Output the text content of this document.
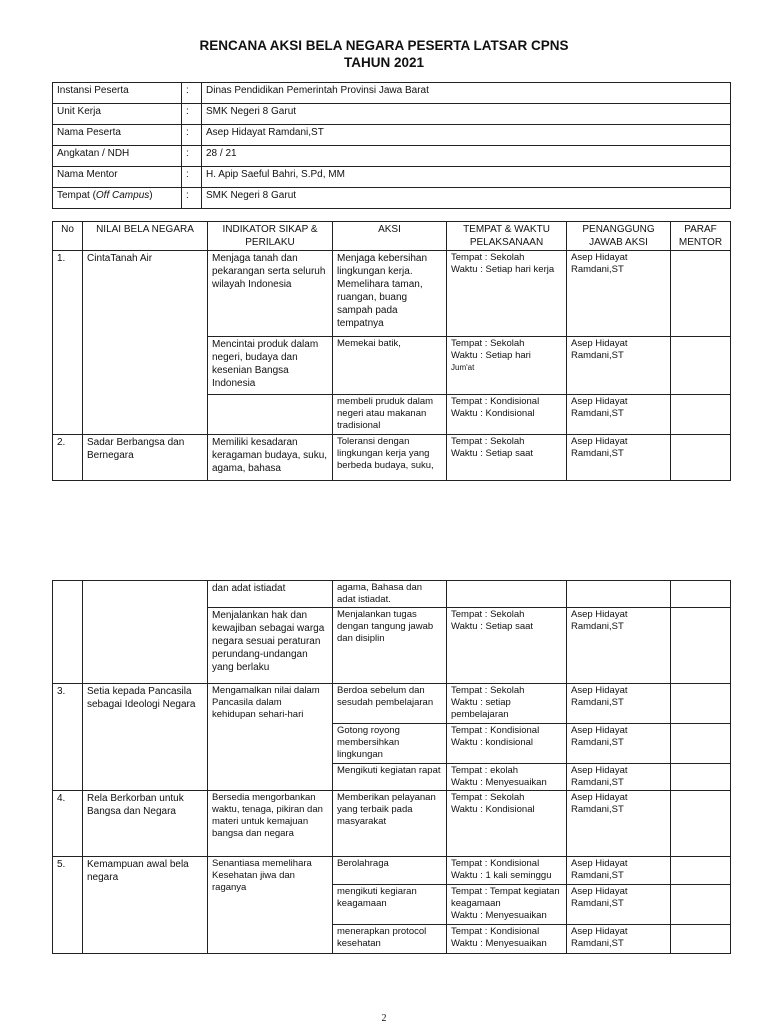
RENCANA AKSI BELA NEGARA PESERTA LATSAR CPNS
TAHUN 2021
Instansi Peserta	:	Dinas Pendidikan Pemerintah Provinsi Jawa Barat
Unit Kerja	:	SMK Negeri 8 Garut
Nama Peserta	:	Asep Hidayat Ramdani,ST
Angkatan / NDH	:	28 / 21
Nama Mentor	:	H. Apip Saeful Bahri, S.Pd, MM
Tempat (Off Campus)	:	SMK Negeri 8 Garut
No	NILAI BELA NEGARA	INDIKATOR SIKAP & PERILAKU	AKSI	TEMPAT & WAKTU PELAKSANAAN	PENANGGUNG JAWAB AKSI	PARAF MENTOR
1.	CintaTanah Air	Menjaga tanah dan pekarangan serta seluruh wilayah Indonesia	Menjaga kebersihan lingkungan kerja. Memelihara taman, ruangan, buang sampah pada tempatnya	Tempat : Sekolah
Waktu : Setiap hari kerja	Asep Hidayat Ramdani,ST	
		Mencintai produk dalam negeri, budaya dan kesenian Bangsa Indonesia	Memekai batik,	Tempat : Sekolah
Waktu : Setiap hari
Jum'at	Asep Hidayat Ramdani,ST	
			membeli pruduk dalam negeri atau makanan tradisional	Tempat : Kondisional
Waktu : Kondisional	Asep Hidayat Ramdani,ST	
2.	Sadar Berbangsa dan Bernegara	Memiliki kesadaran keragaman budaya, suku, agama, bahasa	Toleransi dengan lingkungan kerja yang berbeda budaya, suku,	Tempat : Sekolah
Waktu : Setiap saat	Asep Hidayat Ramdani,ST	
		dan adat istiadat	agama, Bahasa dan adat istiadat.			
		Menjalankan hak dan kewajiban sebagai warga negara sesuai peraturan perundang-undangan yang berlaku	Menjalankan tugas dengan tangung jawab dan disiplin	Tempat : Sekolah
Waktu : Setiap saat	Asep Hidayat Ramdani,ST	
3.	Setia kepada Pancasila sebagai Ideologi Negara	Mengamalkan nilai dalam Pancasila dalam kehidupan sehari-hari	Berdoa sebelum dan sesudah pembelajaran	Tempat : Sekolah
Waktu : setiap pembelajaran	Asep Hidayat Ramdani,ST	
			Gotong royong membersihkan lingkungan	Tempat : Kondisional
Waktu : kondisional	Asep Hidayat Ramdani,ST	
			Mengikuti kegiatan rapat	Tempat : ekolah
Waktu : Menyesuaikan	Asep Hidayat Ramdani,ST	
4.	Rela Berkorban untuk Bangsa dan Negara	Bersedia mengorbankan waktu, tenaga, pikiran dan materi untuk kemajuan bangsa dan negara	Memberikan pelayanan yang terbaik pada masyarakat	Tempat : Sekolah
Waktu : Kondisional	Asep Hidayat Ramdani,ST	
5.	Kemampuan awal bela negara	Senantiasa memelihara Kesehatan jiwa dan raganya	Berolahraga	Tempat : Kondisional
Waktu : 1 kali seminggu	Asep Hidayat Ramdani,ST	
			mengikuti kegiaran keagamaan	Tempat : Tempat kegiatan keagamaan
Waktu : Menyesuaikan	Asep Hidayat Ramdani,ST	
			menerapkan protocol kesehatan	Tempat : Kondisional
Waktu : Menyesuaikan	Asep Hidayat Ramdani,ST	
2
